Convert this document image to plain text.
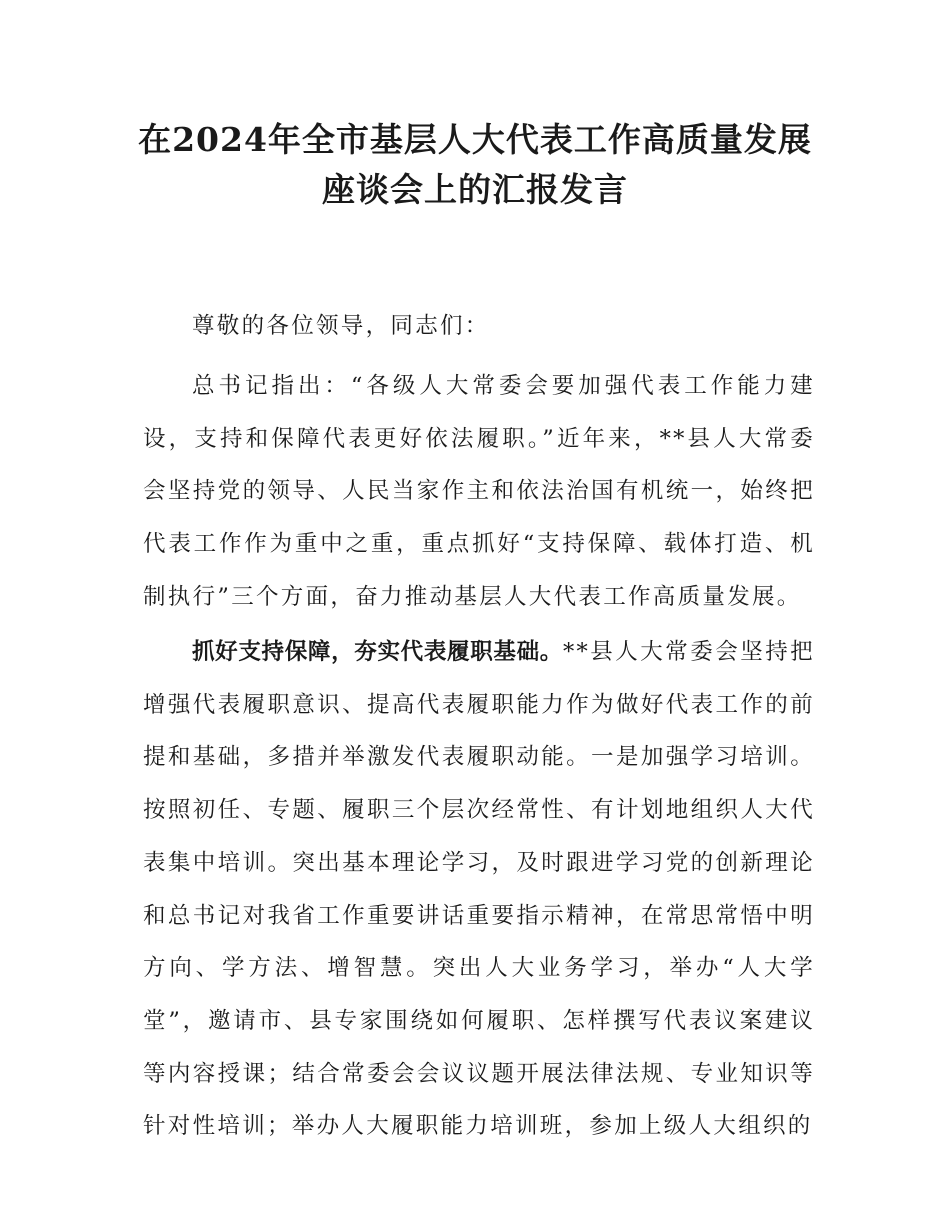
在2024年全市基层人大代表工作高质量发展
座谈会上的汇报发言

尊敬的各位领导，同志们：

总书记指出：“各级人大常委会要加强代表工作能力建设，支持和保障代表更好依法履职。”近年来，**县人大常委会坚持党的领导、人民当家作主和依法治国有机统一，始终把代表工作作为重中之重，重点抓好“支持保障、载体打造、机制执行”三个方面，奋力推动基层人大代表工作高质量发展。

抓好支持保障，夯实代表履职基础。**县人大常委会坚持把增强代表履职意识、提高代表履职能力作为做好代表工作的前提和基础，多措并举激发代表履职动能。一是加强学习培训。按照初任、专题、履职三个层次经常性、有计划地组织人大代表集中培训。突出基本理论学习，及时跟进学习党的创新理论和总书记对我省工作重要讲话重要指示精神，在常思常悟中明方向、学方法、增智慧。突出人大业务学习，举办“人大学堂”，邀请市、县专家围绕如何履职、怎样撰写代表议案建议等内容授课；结合常委会会议议题开展法律法规、专业知识等针对性培训；举办人大履职能力培训班，参加上级人大组织的
